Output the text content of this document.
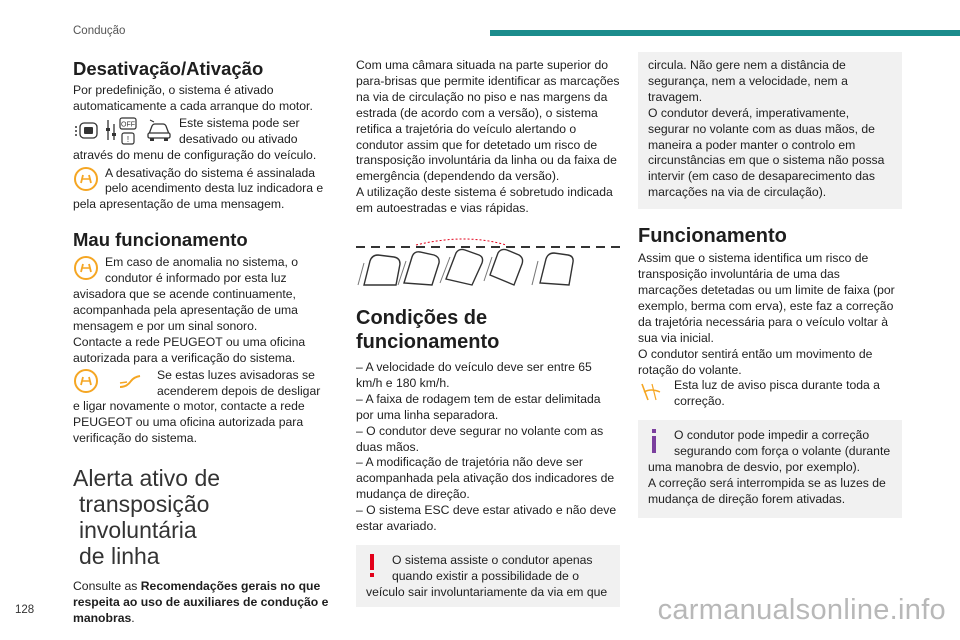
Condução
Desativação/Ativação

Por predefinição, o sistema é ativado automaticamente a cada arranque do motor.

OFF
!

Este sistema pode ser desativado ou ativado através do menu de configuração do veículo.

A desativação do sistema é assinalada pelo acendimento desta luz indicadora e pela apresentação de uma mensagem.

Mau funcionamento

Em caso de anomalia no sistema, o condutor é informado por esta luz avisadora que se acende continuamente, acompanhada pela apresentação de uma mensagem e por um sinal sonoro.

Contacte a rede PEUGEOT ou uma oficina autorizada para a verificação do sistema.

Se estas luzes avisadoras se acenderem depois de desligar e ligar novamente o motor, contacte a rede PEUGEOT ou uma oficina autorizada para verificação do sistema.

Alerta ativo de
transposição involuntária
de linha

Consulte as Recomendações gerais no que respeita ao uso de auxiliares de condução e manobras.

Com uma câmara situada na parte superior do para-brisas que permite identificar as marcações na via de circulação no piso e nas margens da estrada (de acordo com a versão), o sistema retifica a trajetória do veículo alertando o condutor assim que for detetado um risco de transposição involuntária da linha ou da faixa de emergência (dependendo da versão).

A utilização deste sistema é sobretudo indicada em autoestradas e vias rápidas.

Condições de
funcionamento

– A velocidade do veículo deve ser entre 65 km/h e 180 km/h.

– A faixa de rodagem tem de estar delimitada por uma linha separadora.

– O condutor deve segurar no volante com as duas mãos.

– A modificação de trajetória não deve ser acompanhada pela ativação dos indicadores de mudança de direção.

– O sistema ESC deve estar ativado e não deve estar avariado.

O sistema assiste o condutor apenas quando existir a possibilidade de o veículo sair involuntariamente da via em que

circula. Não gere nem a distância de segurança, nem a velocidade, nem a travagem.

O condutor deverá, imperativamente, segurar no volante com as duas mãos, de maneira a poder manter o controlo em circunstâncias em que o sistema não possa intervir (em caso de desaparecimento das marcações na via de circulação).

Funcionamento

Assim que o sistema identifica um risco de transposição involuntária de uma das marcações detetadas ou um limite de faixa (por exemplo, berma com erva), este faz a correção da trajetória necessária para o veículo voltar à sua via inicial.

O condutor sentirá então um movimento de rotação do volante.

Esta luz de aviso pisca durante toda a correção.

O condutor pode impedir a correção segurando com força o volante (durante uma manobra de desvio, por exemplo).

A correção será interrompida se as luzes de mudança de direção forem ativadas.

128	carmanualsonline.info
